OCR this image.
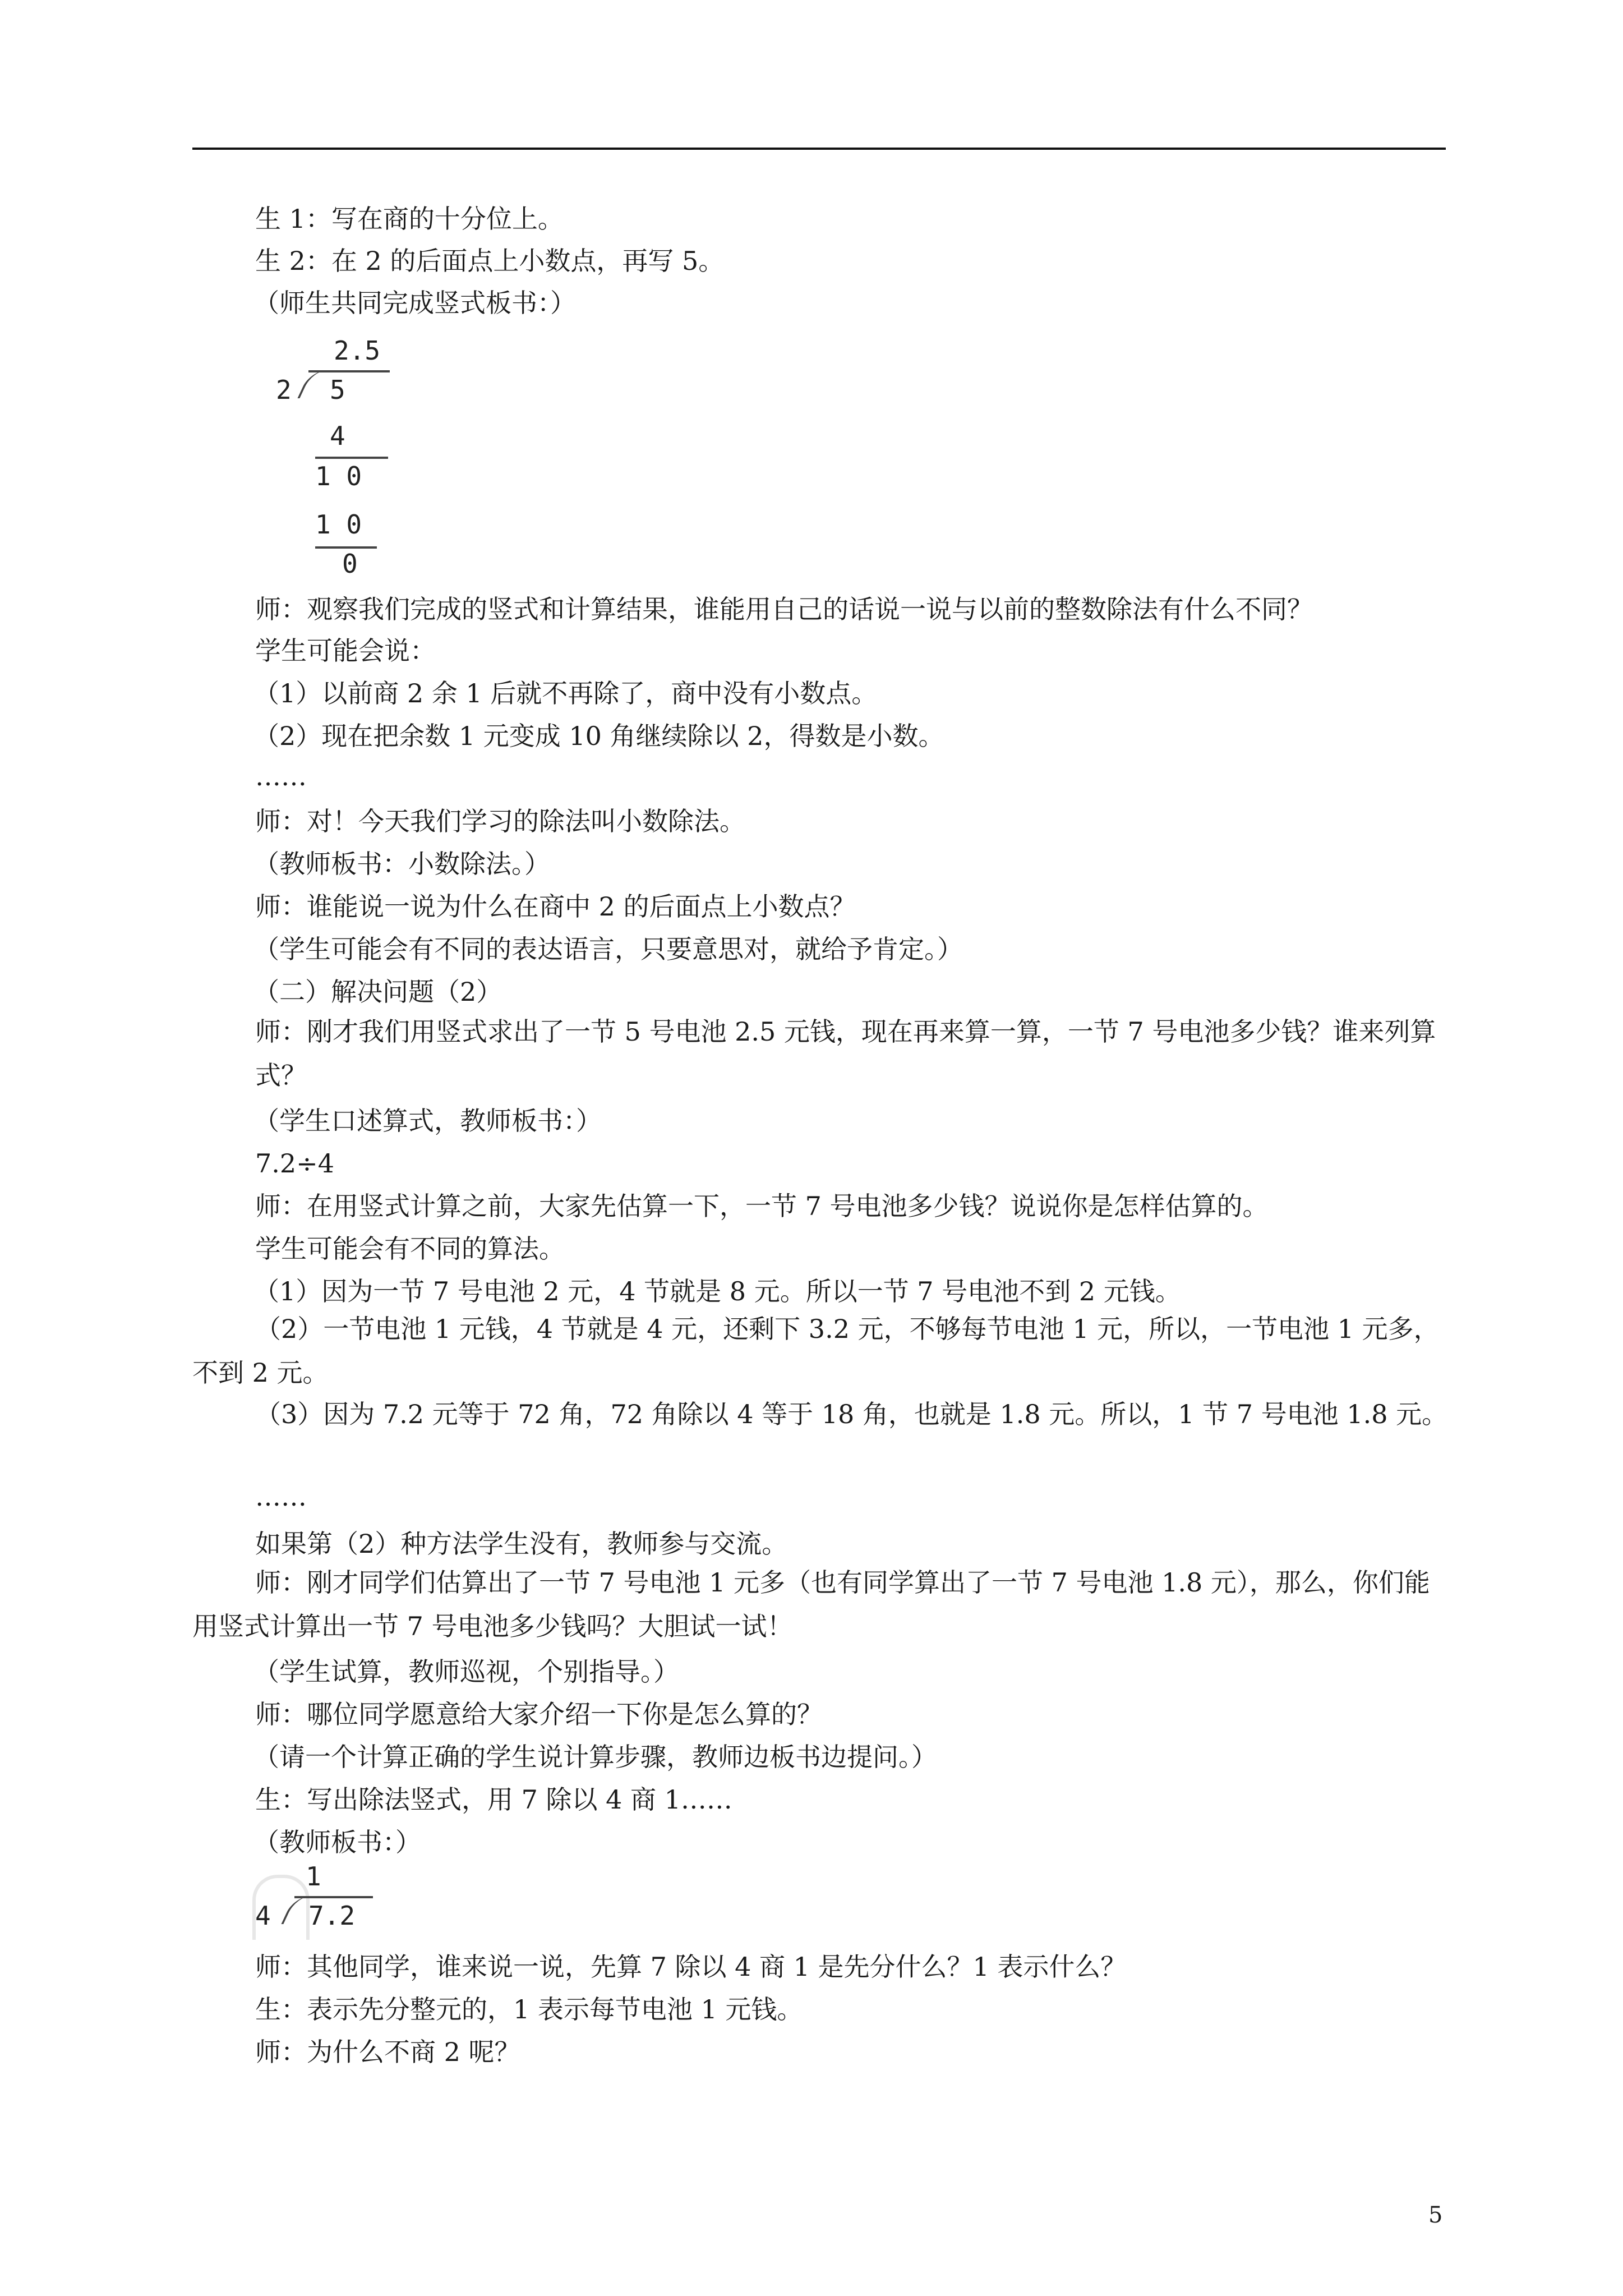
生 1：写在商的十分位上。
生 2：在 2 的后面点上小数点，再写 5。
（师生共同完成竖式板书：）
2.5
2 5
4
1 0
1 0
0
师：观察我们完成的竖式和计算结果，谁能用自己的话说一说与以前的整数除法有什么不同？
学生可能会说：
（1）以前商 2 余 1 后就不再除了，商中没有小数点。
（2）现在把余数 1 元变成 10 角继续除以 2，得数是小数。
……
师：对！今天我们学习的除法叫小数除法。
（教师板书：小数除法。）
师：谁能说一说为什么在商中 2 的后面点上小数点？
（学生可能会有不同的表达语言，只要意思对，就给予肯定。）
（二）解决问题（2）
师：刚才我们用竖式求出了一节 5 号电池 2.5 元钱，现在再来算一算，一节 7 号电池多少钱？谁来列算式？
（学生口述算式，教师板书：）
7.2÷4
师：在用竖式计算之前，大家先估算一下，一节 7 号电池多少钱？说说你是怎样估算的。
学生可能会有不同的算法。
（1）因为一节 7 号电池 2 元，4 节就是 8 元。所以一节 7 号电池不到 2 元钱。
（2）一节电池 1 元钱，4 节就是 4 元，还剩下 3.2 元，不够每节电池 1 元，所以，一节电池 1 元多，不到 2 元。
（3）因为 7.2 元等于 72 角，72 角除以 4 等于 18 角，也就是 1.8 元。所以，1 节 7 号电池 1.8 元。
……
如果第（2）种方法学生没有，教师参与交流。
师：刚才同学们估算出了一节 7 号电池 1 元多（也有同学算出了一节 7 号电池 1.8 元），那么，你们能用竖式计算出一节 7 号电池多少钱吗？大胆试一试！
（学生试算，教师巡视，个别指导。）
师：哪位同学愿意给大家介绍一下你是怎么算的？
（请一个计算正确的学生说计算步骤，教师边板书边提问。）
生：写出除法竖式，用 7 除以 4 商 1……
（教师板书：）
1
4 7.2
师：其他同学，谁来说一说，先算 7 除以 4 商 1 是先分什么？1 表示什么？
生：表示先分整元的，1 表示每节电池 1 元钱。
师：为什么不商 2 呢？
5
